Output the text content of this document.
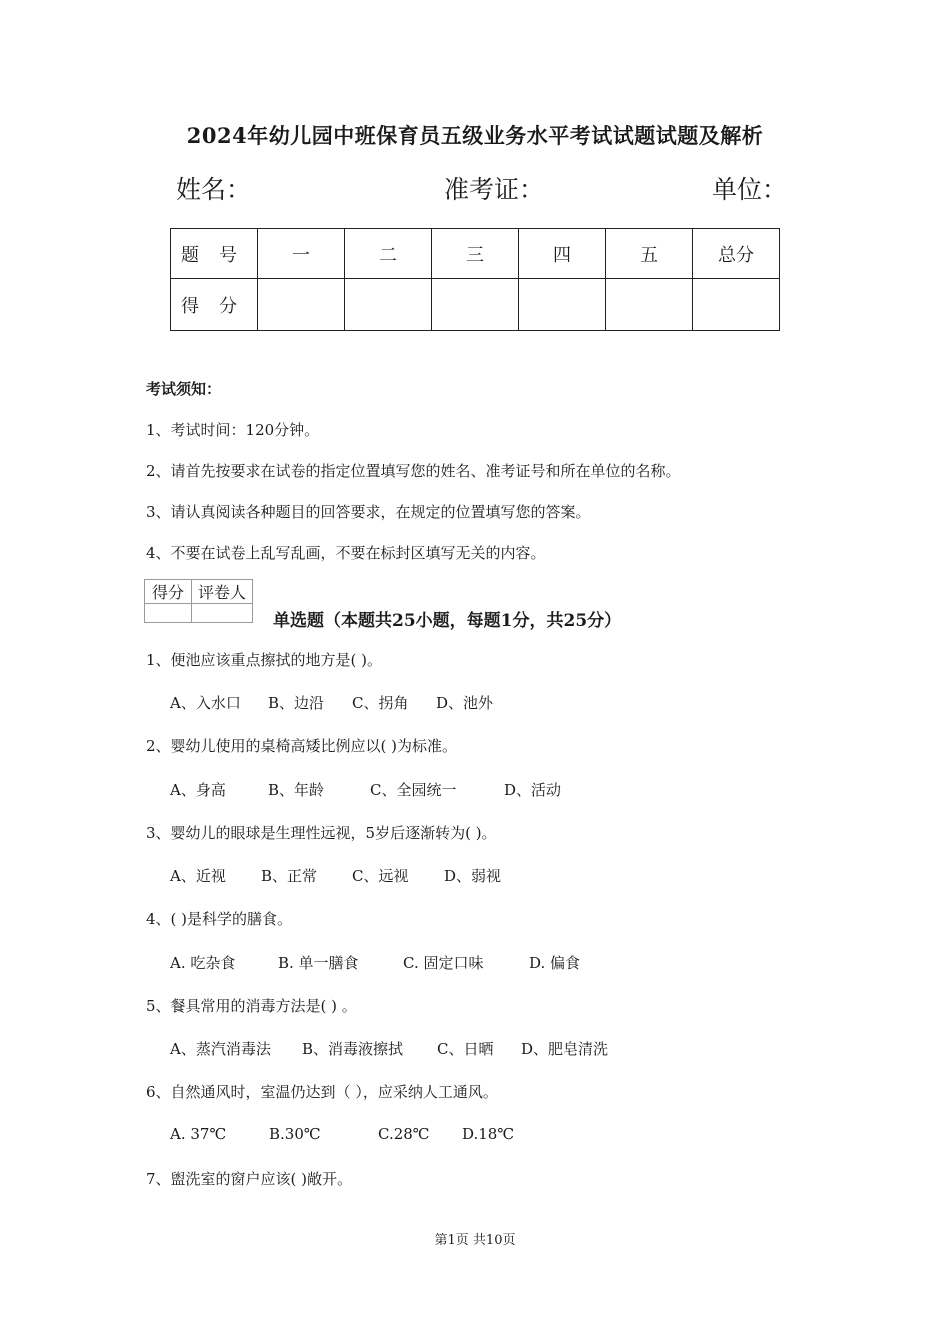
2024年幼儿园中班保育员五级业务水平考试试题试题及解析
姓名：	准考证：	单位：
题号	一	二	三	四	五	总分
得分						
考试须知：
1、考试时间：120分钟。
2、请首先按要求在试卷的指定位置填写您的姓名、准考证号和所在单位的名称。
3、请认真阅读各种题目的回答要求，在规定的位置填写您的答案。
4、不要在试卷上乱写乱画，不要在标封区填写无关的内容。
得分	评卷人

单选题（本题共25小题，每题1分，共25分）
1、便池应该重点擦拭的地方是( )。
A、入水口 B、边沿 C、拐角 D、池外
2、婴幼儿使用的桌椅高矮比例应以( )为标准。
A、身高	B、年龄	C、全园统一	D、活动
3、婴幼儿的眼球是生理性远视，5岁后逐渐转为( )。
A、近视 B、正常 C、远视 D、弱视
4、( )是科学的膳食。
A. 吃杂食	B. 单一膳食	C. 固定口味	D. 偏食
5、餐具常用的消毒方法是( ) 。
A、蒸汽消毒法 B、消毒液擦拭 C、日晒 D、肥皂清洗
6、自然通风时，室温仍达到（ ），应采纳人工通风。
A. 37℃	B.30℃	C.28℃ D.18℃
7、盥洗室的窗户应该( )敞开。
第1页 共10页
